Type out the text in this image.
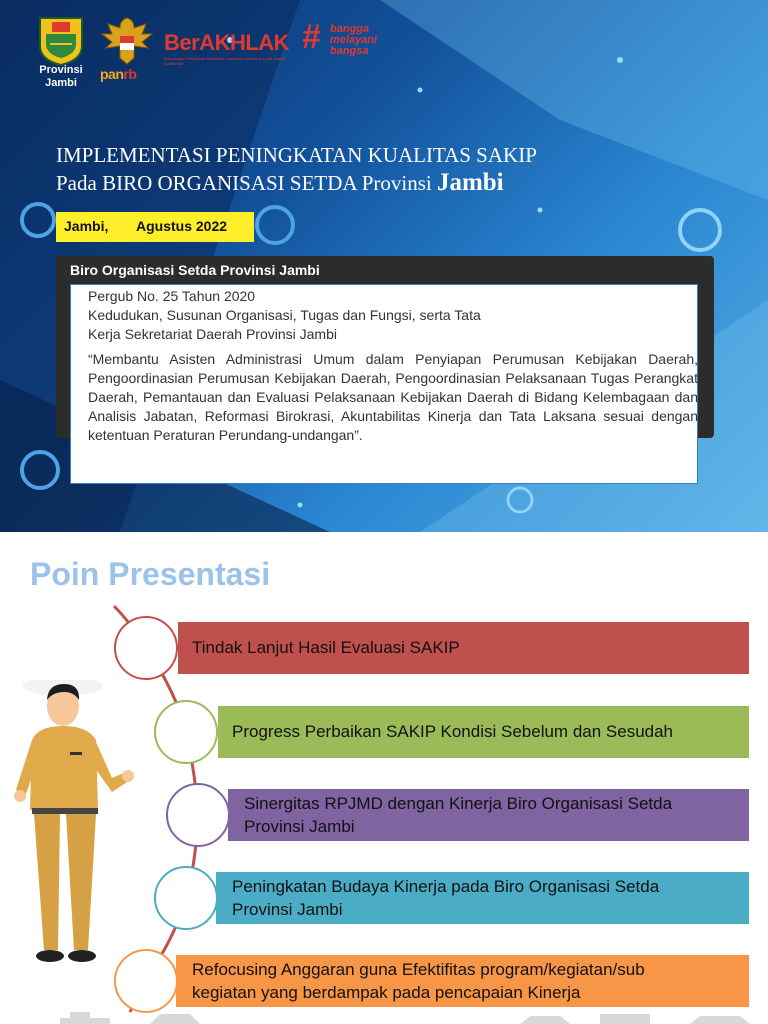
Provinsi
Jambi
panrb
BerAKHLAK
Berorientasi Pelayanan Akuntabel Kompeten Harmonis Loyal Adaptif Kolaboratif
# bangga
melayani
bangsa
IMPLEMENTASI PENINGKATAN KUALITAS SAKIP
Pada BIRO ORGANISASI SETDA Provinsi Jambi
Jambi, Agustus 2022
Biro Organisasi Setda Provinsi Jambi
Pergub No. 25 Tahun 2020
Kedudukan, Susunan Organisasi, Tugas dan Fungsi, serta Tata
Kerja Sekretariat Daerah Provinsi Jambi
“Membantu Asisten Administrasi Umum dalam Penyiapan Perumusan Kebijakan Daerah, Pengoordinasian Perumusan Kebijakan Daerah, Pengoordinasian Pelaksanaan Tugas Perangkat Daerah, Pemantauan dan Evaluasi Pelaksanaan Kebijakan Daerah di Bidang Kelembagaan dan Analisis Jabatan, Reformasi Birokrasi, Akuntabilitas Kinerja dan Tata Laksana sesuai dengan ketentuan Peraturan Perundang-undangan”.
Poin Presentasi
Tindak Lanjut Hasil Evaluasi SAKIP
Progress Perbaikan SAKIP Kondisi Sebelum dan Sesudah
Sinergitas RPJMD dengan Kinerja Biro Organisasi Setda
Provinsi Jambi
Peningkatan Budaya Kinerja pada Biro Organisasi Setda
Provinsi Jambi
Refocusing Anggaran guna Efektifitas program/kegiatan/sub
kegiatan yang berdampak pada pencapaian Kinerja
